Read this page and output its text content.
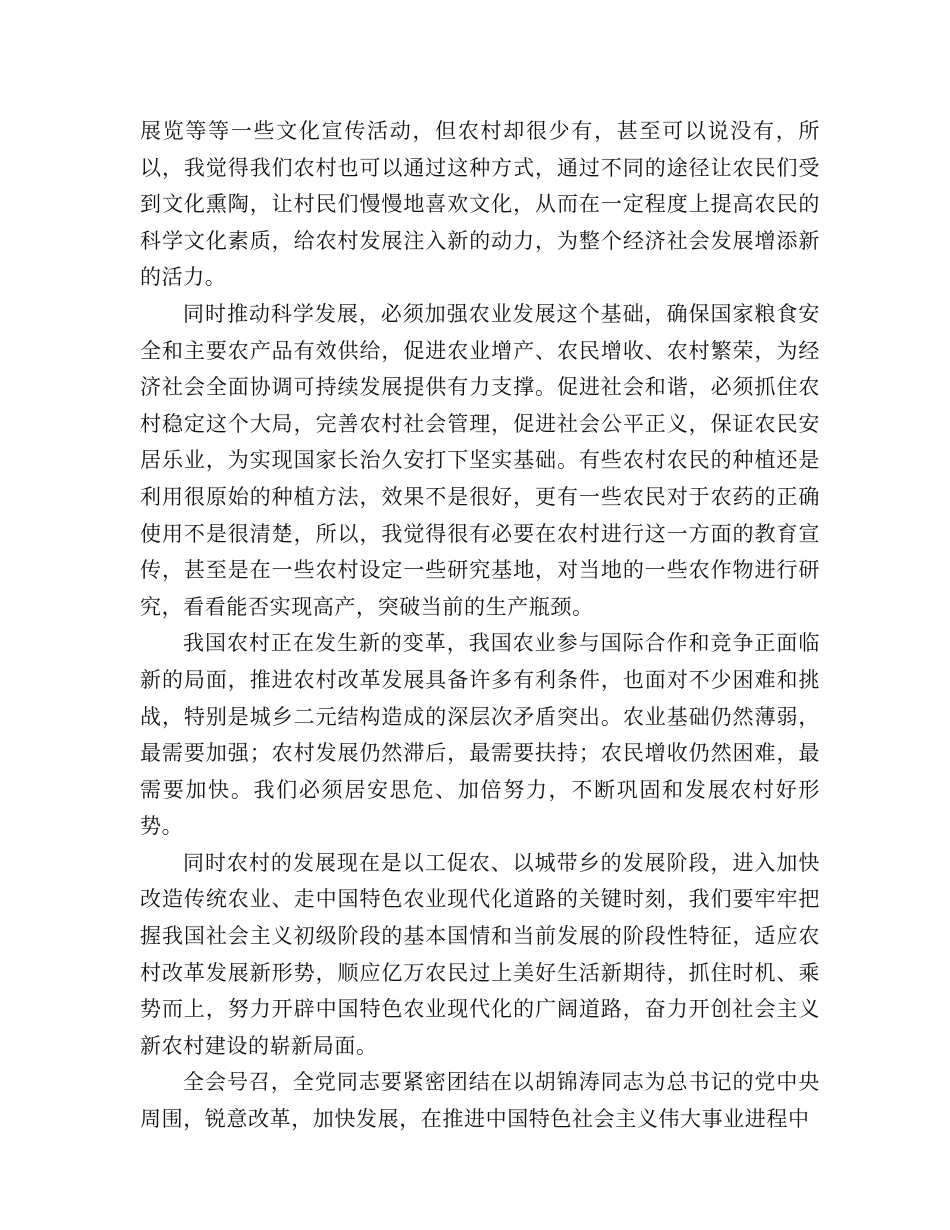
展览等等一些文化宣传活动，但农村却很少有，甚至可以说没有，所以，我觉得我们农村也可以通过这种方式，通过不同的途径让农民们受到文化熏陶，让村民们慢慢地喜欢文化，从而在一定程度上提高农民的科学文化素质，给农村发展注入新的动力，为整个经济社会发展增添新的活力。

同时推动科学发展，必须加强农业发展这个基础，确保国家粮食安全和主要农产品有效供给，促进农业增产、农民增收、农村繁荣，为经济社会全面协调可持续发展提供有力支撑。促进社会和谐，必须抓住农村稳定这个大局，完善农村社会管理，促进社会公平正义，保证农民安居乐业，为实现国家长治久安打下坚实基础。有些农村农民的种植还是利用很原始的种植方法，效果不是很好，更有一些农民对于农药的正确使用不是很清楚，所以，我觉得很有必要在农村进行这一方面的教育宣传，甚至是在一些农村设定一些研究基地，对当地的一些农作物进行研究，看看能否实现高产，突破当前的生产瓶颈。

我国农村正在发生新的变革，我国农业参与国际合作和竞争正面临新的局面，推进农村改革发展具备许多有利条件，也面对不少困难和挑战，特别是城乡二元结构造成的深层次矛盾突出。农业基础仍然薄弱，最需要加强；农村发展仍然滞后，最需要扶持；农民增收仍然困难，最需要加快。我们必须居安思危、加倍努力，不断巩固和发展农村好形势。

同时农村的发展现在是以工促农、以城带乡的发展阶段，进入加快改造传统农业、走中国特色农业现代化道路的关键时刻，我们要牢牢把握我国社会主义初级阶段的基本国情和当前发展的阶段性特征，适应农村改革发展新形势，顺应亿万农民过上美好生活新期待，抓住时机、乘势而上，努力开辟中国特色农业现代化的广阔道路，奋力开创社会主义新农村建设的崭新局面。

全会号召，全党同志要紧密团结在以胡锦涛同志为总书记的党中央周围，锐意改革，加快发展，在推进中国特色社会主义伟大事业进程中
